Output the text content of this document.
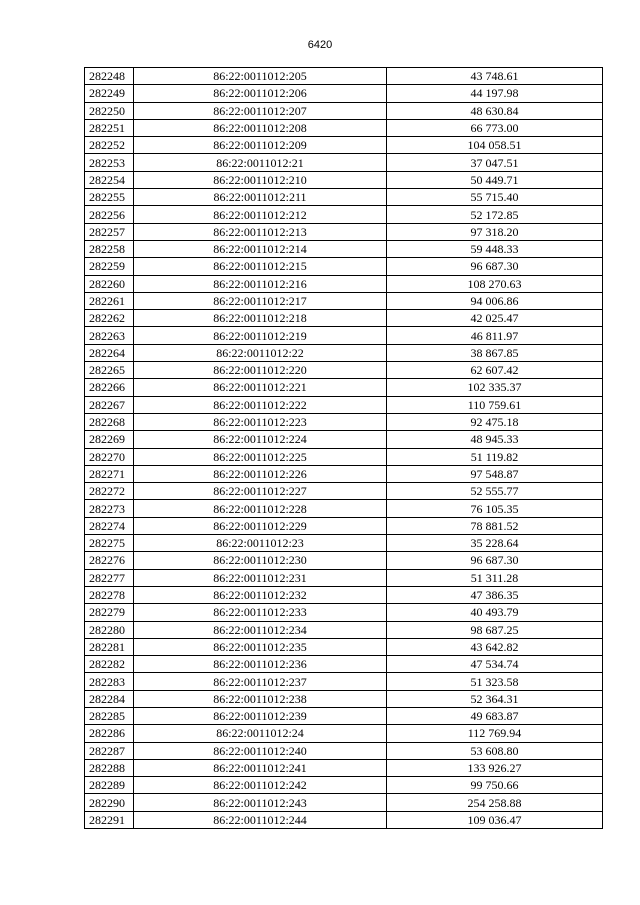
6420
282248	86:22:0011012:205	43 748.61
282249	86:22:0011012:206	44 197.98
282250	86:22:0011012:207	48 630.84
282251	86:22:0011012:208	66 773.00
282252	86:22:0011012:209	104 058.51
282253	86:22:0011012:21	37 047.51
282254	86:22:0011012:210	50 449.71
282255	86:22:0011012:211	55 715.40
282256	86:22:0011012:212	52 172.85
282257	86:22:0011012:213	97 318.20
282258	86:22:0011012:214	59 448.33
282259	86:22:0011012:215	96 687.30
282260	86:22:0011012:216	108 270.63
282261	86:22:0011012:217	94 006.86
282262	86:22:0011012:218	42 025.47
282263	86:22:0011012:219	46 811.97
282264	86:22:0011012:22	38 867.85
282265	86:22:0011012:220	62 607.42
282266	86:22:0011012:221	102 335.37
282267	86:22:0011012:222	110 759.61
282268	86:22:0011012:223	92 475.18
282269	86:22:0011012:224	48 945.33
282270	86:22:0011012:225	51 119.82
282271	86:22:0011012:226	97 548.87
282272	86:22:0011012:227	52 555.77
282273	86:22:0011012:228	76 105.35
282274	86:22:0011012:229	78 881.52
282275	86:22:0011012:23	35 228.64
282276	86:22:0011012:230	96 687.30
282277	86:22:0011012:231	51 311.28
282278	86:22:0011012:232	47 386.35
282279	86:22:0011012:233	40 493.79
282280	86:22:0011012:234	98 687.25
282281	86:22:0011012:235	43 642.82
282282	86:22:0011012:236	47 534.74
282283	86:22:0011012:237	51 323.58
282284	86:22:0011012:238	52 364.31
282285	86:22:0011012:239	49 683.87
282286	86:22:0011012:24	112 769.94
282287	86:22:0011012:240	53 608.80
282288	86:22:0011012:241	133 926.27
282289	86:22:0011012:242	99 750.66
282290	86:22:0011012:243	254 258.88
282291	86:22:0011012:244	109 036.47
